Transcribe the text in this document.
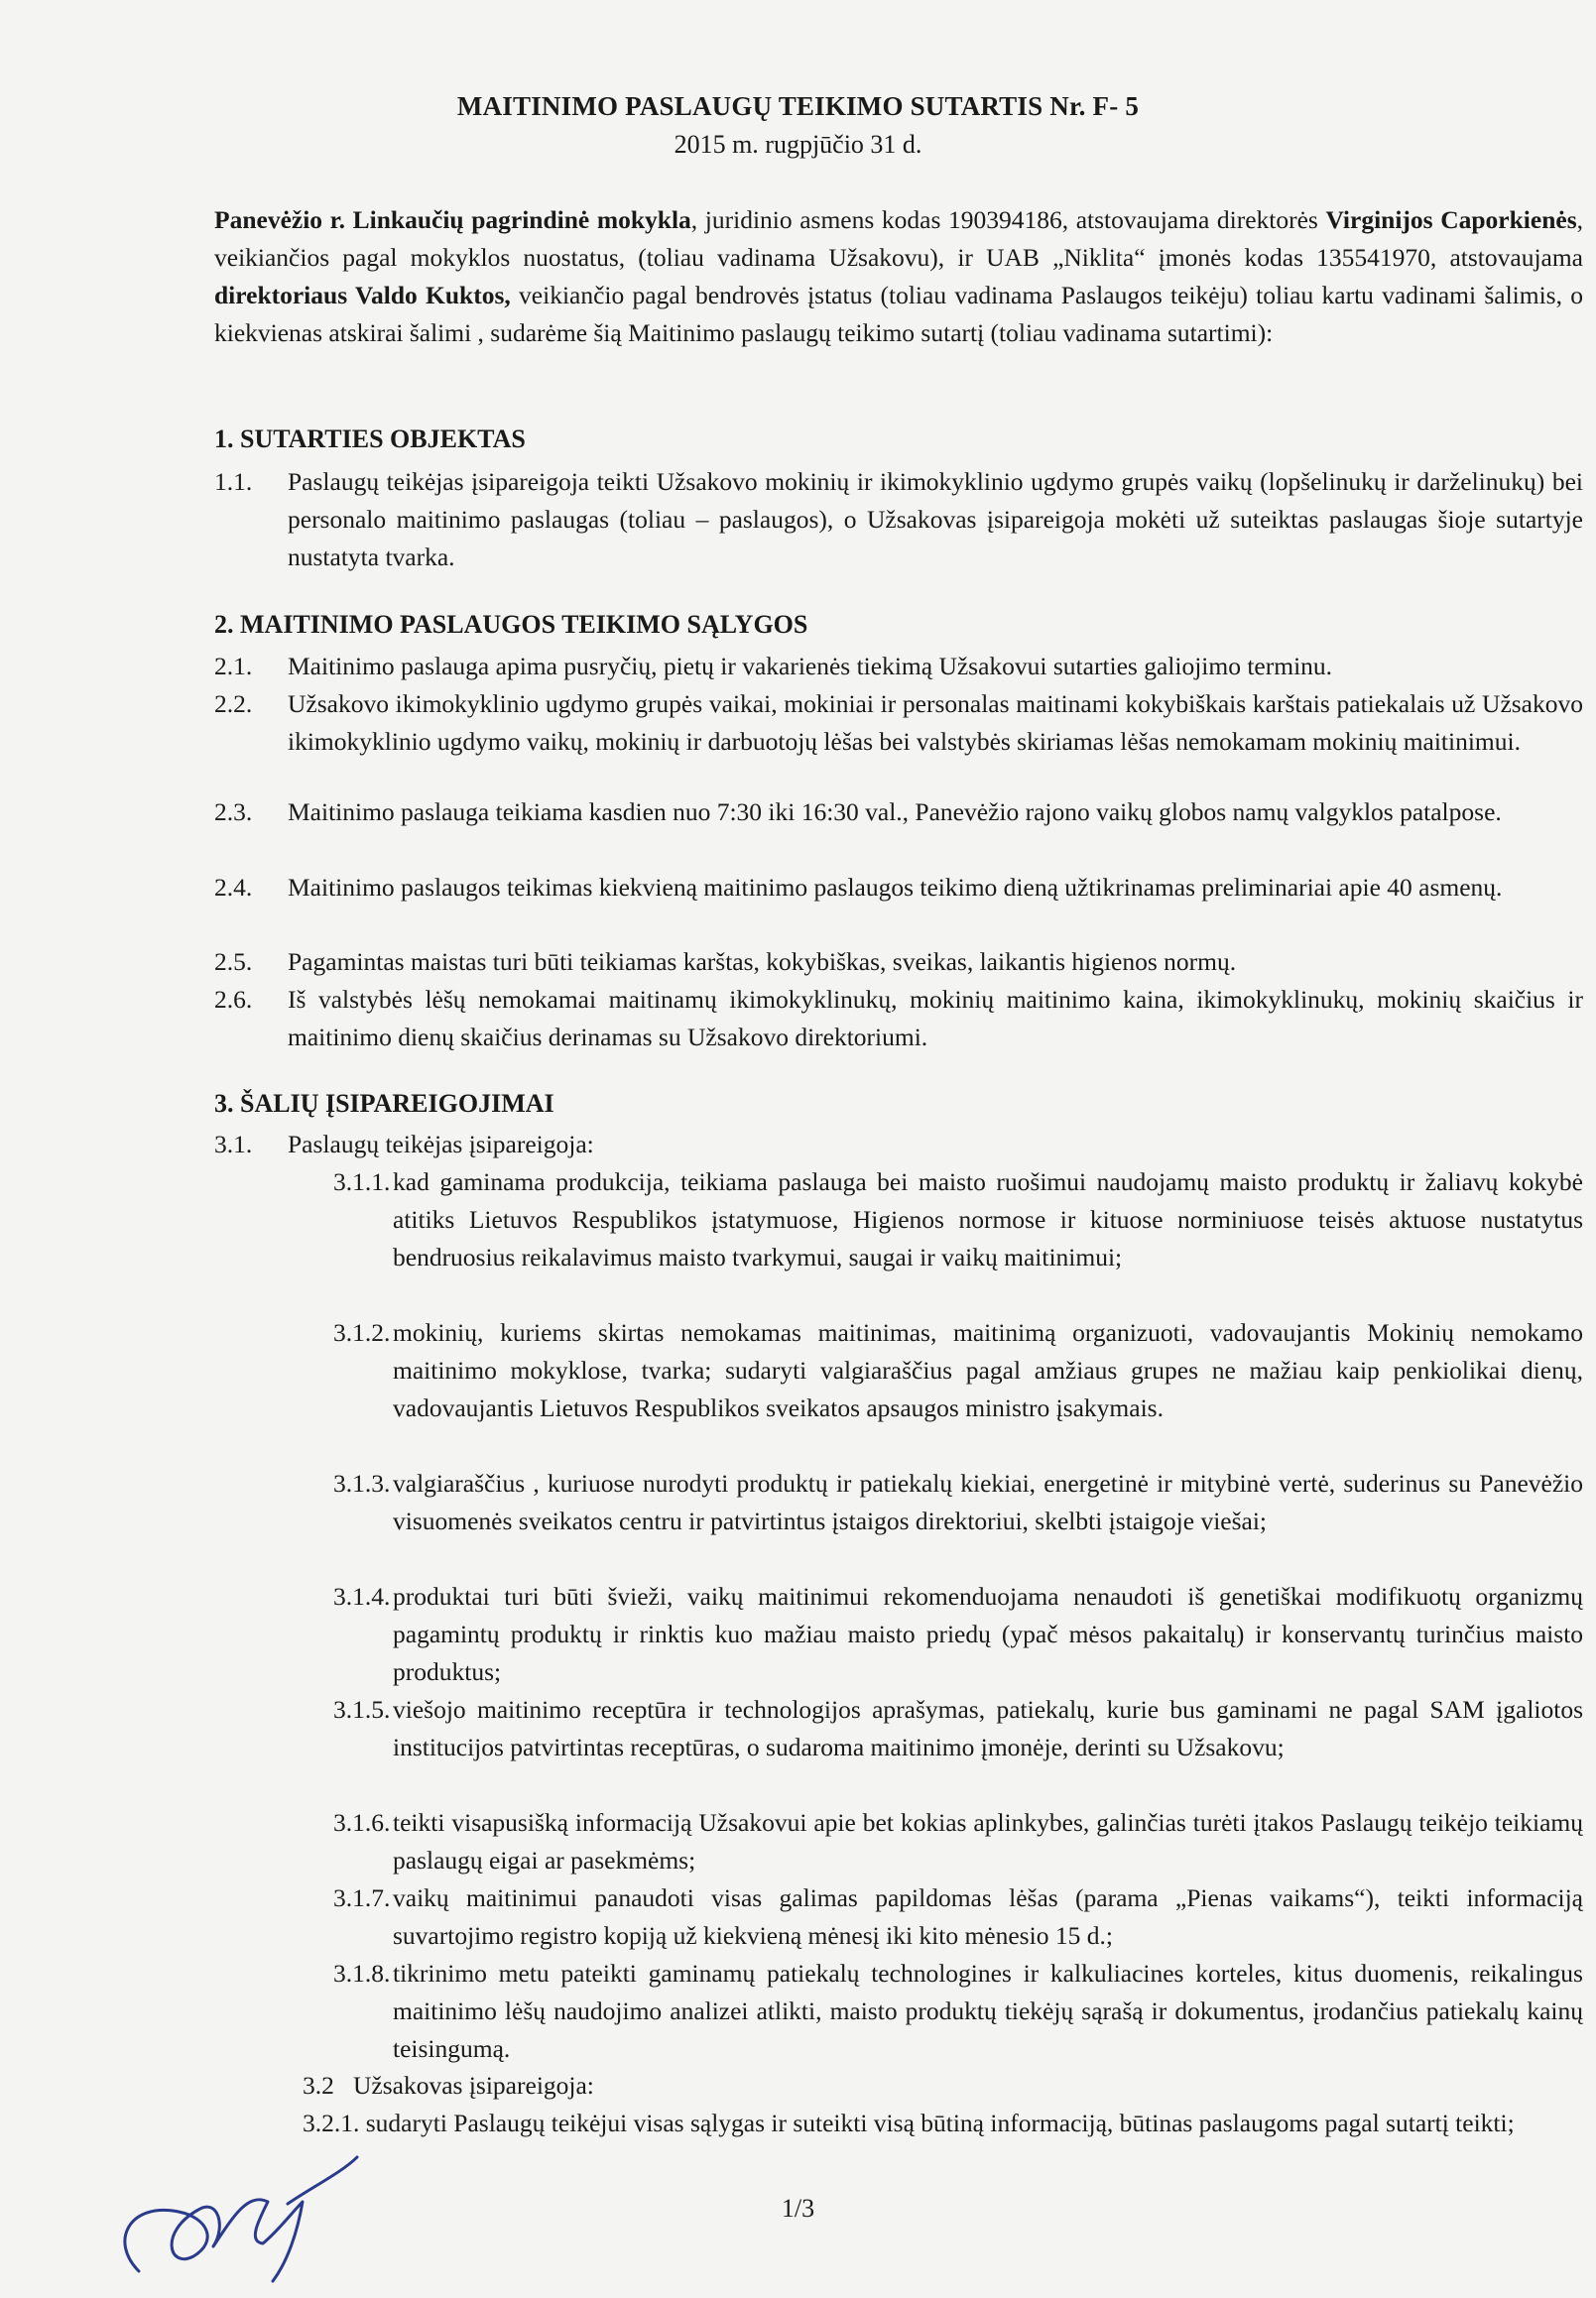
MAITINIMO PASLAUGŲ TEIKIMO SUTARTIS Nr. F- 5

2015 m. rugpjūčio 31 d.
Panevėžio r. Linkaučių pagrindinė mokykla, juridinio asmens kodas 190394186, atstovaujama direktorės Virginijos Caporkienės, veikiančios pagal mokyklos nuostatus, (toliau vadinama Užsakovu), ir UAB „Niklita“ įmonės kodas 135541970, atstovaujama direktoriaus Valdo Kuktos, veikiančio pagal bendrovės įstatus (toliau vadinama Paslaugos teikėju) toliau kartu vadinami šalimis, o kiekvienas atskirai šalimi , sudarėme šią Maitinimo paslaugų teikimo sutartį (toliau vadinama sutartimi):

1. SUTARTIES OBJEKTAS

1.1. Paslaugų teikėjas įsipareigoja teikti Užsakovo mokinių ir ikimokyklinio ugdymo grupės vaikų (lopšelinukų ir darželinukų) bei personalo maitinimo paslaugas (toliau – paslaugos), o Užsakovas įsipareigoja mokėti už suteiktas paslaugas šioje sutartyje nustatyta tvarka.

2. MAITINIMO PASLAUGOS TEIKIMO SĄLYGOS

2.1. Maitinimo paslauga apima pusryčių, pietų ir vakarienės tiekimą Užsakovui sutarties galiojimo terminu.
2.2. Užsakovo ikimokyklinio ugdymo grupės vaikai, mokiniai ir personalas maitinami kokybiškais karštais patiekalais už Užsakovo ikimokyklinio ugdymo vaikų, mokinių ir darbuotojų lėšas bei valstybės skiriamas lėšas nemokamam mokinių maitinimui.
2.3. Maitinimo paslauga teikiama kasdien nuo 7:30 iki 16:30 val., Panevėžio rajono vaikų globos namų valgyklos patalpose.
2.4. Maitinimo paslaugos teikimas kiekvieną maitinimo paslaugos teikimo dieną užtikrinamas preliminariai apie 40 asmenų.
2.5. Pagamintas maistas turi būti teikiamas karštas, kokybiškas, sveikas, laikantis higienos normų.
2.6. Iš valstybės lėšų nemokamai maitinamų ikimokyklinukų, mokinių maitinimo kaina, ikimokyklinukų, mokinių skaičius ir maitinimo dienų skaičius derinamas su Užsakovo direktoriumi.

3. ŠALIŲ ĮSIPAREIGOJIMAI

3.1. Paslaugų teikėjas įsipareigoja:
3.1.1. kad gaminama produkcija, teikiama paslauga bei maisto ruošimui naudojamų maisto produktų ir žaliavų kokybė atitiks Lietuvos Respublikos įstatymuose, Higienos normose ir kituose norminiuose teisės aktuose nustatytus bendruosius reikalavimus maisto tvarkymui, saugai ir vaikų maitinimui;
3.1.2. mokinių, kuriems skirtas nemokamas maitinimas, maitinimą organizuoti, vadovaujantis Mokinių nemokamo maitinimo mokyklose, tvarka; sudaryti valgiaraščius pagal amžiaus grupes ne mažiau kaip penkiolikai dienų, vadovaujantis Lietuvos Respublikos sveikatos apsaugos ministro įsakymais.
3.1.3. valgiaraščius , kuriuose nurodyti produktų ir patiekalų kiekiai, energetinė ir mitybinė vertė, suderinus su Panevėžio visuomenės sveikatos centru ir patvirtintus įstaigos direktoriui, skelbti įstaigoje viešai;
3.1.4. produktai turi būti švieži, vaikų maitinimui rekomenduojama nenaudoti iš genetiškai modifikuotų organizmų pagamintų produktų ir rinktis kuo mažiau maisto priedų (ypač mėsos pakaitalų) ir konservantų turinčius maisto produktus;
3.1.5. viešojo maitinimo receptūra ir technologijos aprašymas, patiekalų, kurie bus gaminami ne pagal SAM įgaliotos institucijos patvirtintas receptūras, o sudaroma maitinimo įmonėje, derinti su Užsakovu;
3.1.6. teikti visapusišką informaciją Užsakovui apie bet kokias aplinkybes, galinčias turėti įtakos Paslaugų teikėjo teikiamų paslaugų eigai ar pasekmėms;
3.1.7. vaikų maitinimui panaudoti visas galimas papildomas lėšas (parama „Pienas vaikams“), teikti informaciją suvartojimo registro kopiją už kiekvieną mėnesį iki kito mėnesio 15 d.;
3.1.8. tikrinimo metu pateikti gaminamų patiekalų technologines ir kalkuliacines korteles, kitus duomenis, reikalingus maitinimo lėšų naudojimo analizei atlikti, maisto produktų tiekėjų sąrašą ir dokumentus, įrodančius patiekalų kainų teisingumą.
3.2 Užsakovas įsipareigoja:
3.2.1. sudaryti Paslaugų teikėjui visas sąlygas ir suteikti visą būtiną informaciją, būtinas paslaugoms pagal sutartį teikti;
1/3
